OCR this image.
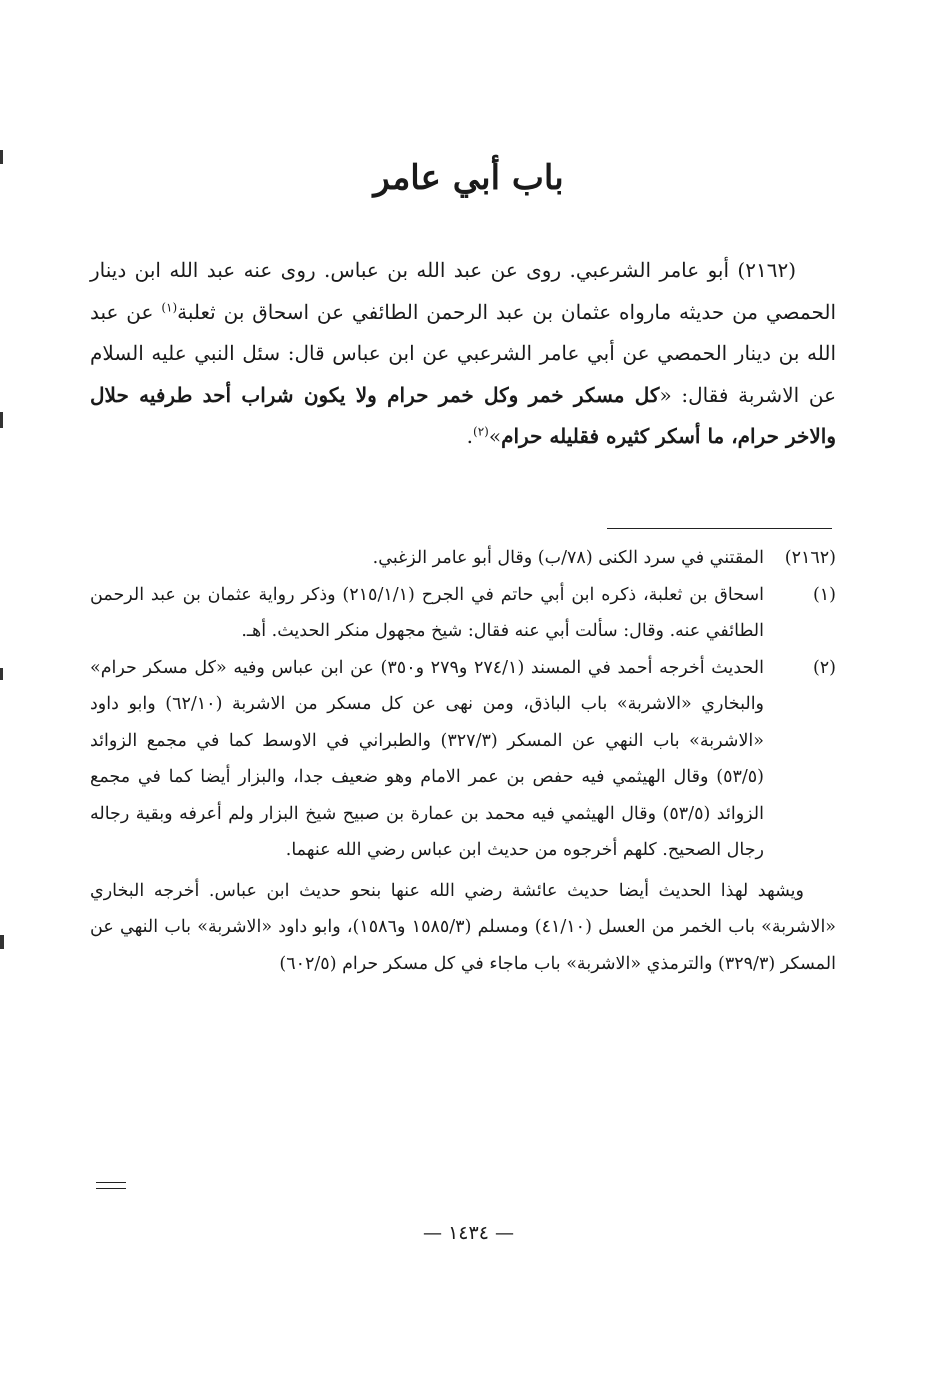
باب أبي عامر

(٢١٦٢) أبو عامر الشرعبي. روى عن عبد الله بن عباس. روى عنه عبد الله ابن دينار الحمصي من حديثه ماروا‌ه عثمان بن عبد الرحمن الطائفي عن اسحاق بن ثعلبة$^{(١)}$ عن عبد الله بن دينار الحمصي عن أبي عامر الشرعبي عن ابن عباس قال: سئل النبي عليه السلام عن الاشربة فقال: «كل مسكر خمر وكل خمر حرام ولا يكون شراب أحد طرفيه حلال والاخر حرام، ما أسكر كثيره فقليله حرام»$^{(٢)}$.

(٢١٦٢)
المقتني في سرد الكنى (٧٨/ب) وقال أبو عامر الزغبي.
(١)
اسحاق بن ثعلبة، ذكره ابن أبي حاتم في الجرح (٢١٥/١/١) وذكر رواية عثمان بن عبد الرحمن الطائفي عنه. وقال: سألت أبي عنه فقال: شيخ مجهول منكر الحديث. أهـ.
(٢)
الحديث أخرجه أحمد في المسند (٢٧٤/١ و٢٧٩ و٣٥٠) عن ابن عباس وفيه «كل مسكر حرام» والبخاري «الاشربة» باب الباذق، ومن نهى عن كل مسكر من الاشربة (٦٢/١٠) وابو داود «الاشربة» باب النهي عن المسكر (٣٢٧/٣) والطبراني في الاوسط كما في مجمع الزوائد (٥٣/٥) وقال الهيثمي فيه حفص بن عمر الامام وهو ضعيف جدا، والبزار أيضا كما في مجمع الزوائد (٥٣/٥) وقال الهيثمي فيه محمد بن عمارة بن صبيح شيخ البزار ولم أعرفه وبقية رجاله رجال الصحيح. كلهم أخرجوه من حديث ابن عباس رضي الله عنهما.

ويشهد لهذا الحديث أيضا حديث عائشة رضي الله عنها بنحو حديث ابن عباس. أخرجه البخاري «الاشربة» باب الخمر من العسل (٤١/١٠) ومسلم (١٥٨٥/٣ و١٥٨٦)، وابو داود «الاشربة» باب النهي عن المسكر (٣٢٩/٣) والترمذي «الاشربة» باب ماجاء في كل مسكر حرام (٦٠٢/٥)

— ١٤٣٤ —
